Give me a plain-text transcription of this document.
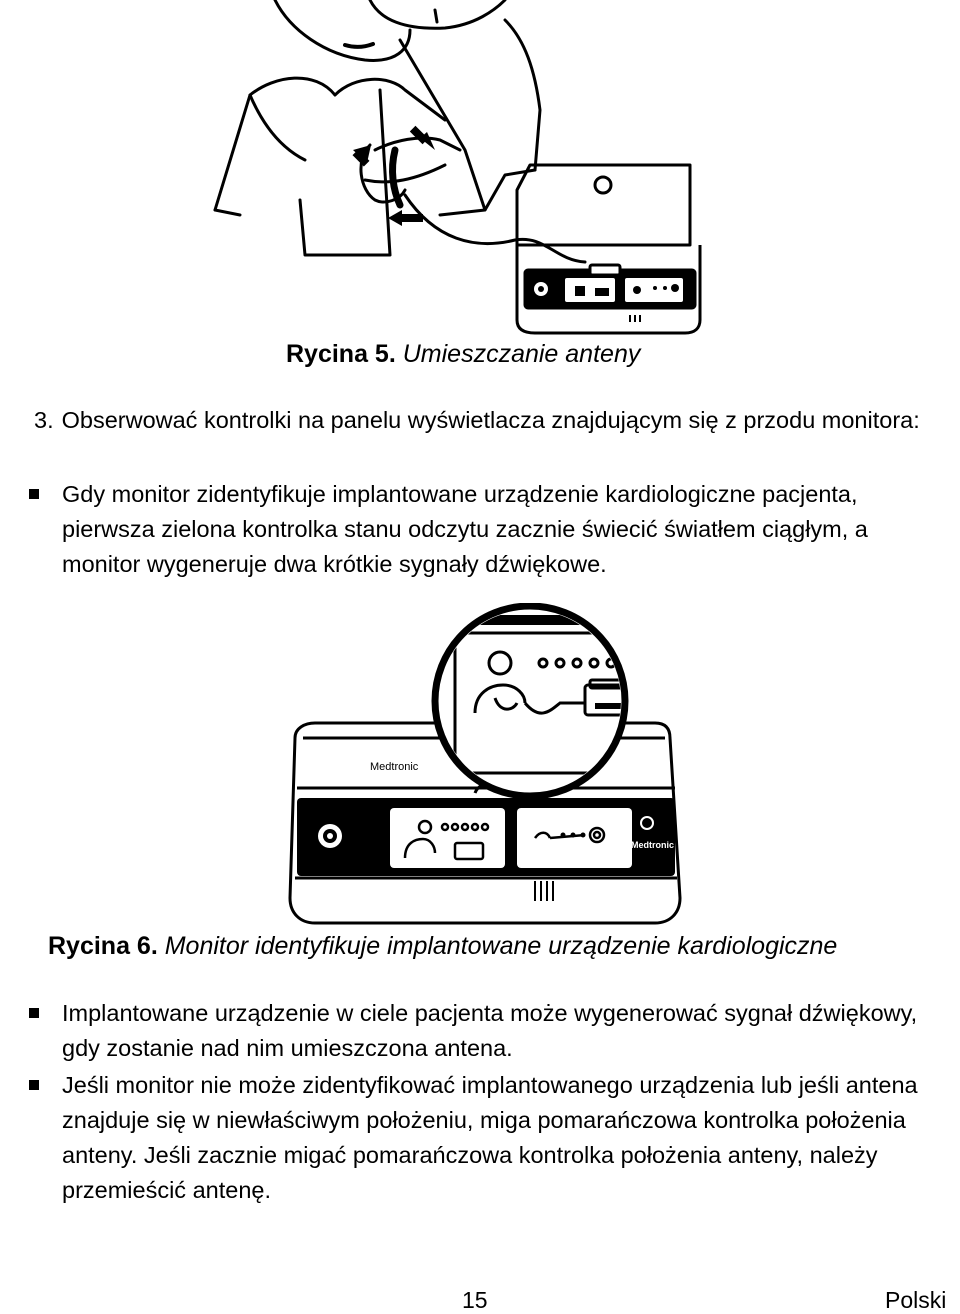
Rycina 5. Umieszczanie anteny
3. Obserwować kontrolki na panelu wyświetlacza znajdującym się z przodu monitora:

Gdy monitor zidentyfikuje implantowane urządzenie kardiologiczne pacjenta, pierwsza zielona kontrolka stanu odczytu zacznie świecić światłem ciągłym, a monitor wygeneruje dwa krótkie sygnały dźwiękowe.

Medtronic
Medtronic
Rycina 6. Monitor identyfikuje implantowane urządzenie kardiologiczne

Implantowane urządzenie w ciele pacjenta może wygenerować sygnał dźwiękowy, gdy zostanie nad nim umieszczona antena.

Jeśli monitor nie może zidentyfikować implantowanego urządzenia lub jeśli antena znajduje się w niewłaściwym położeniu, miga pomarańczowa kontrolka położenia anteny. Jeśli zacznie migać pomarańczowa kontrolka położenia anteny, należy przemieścić antenę.

15	Polski
